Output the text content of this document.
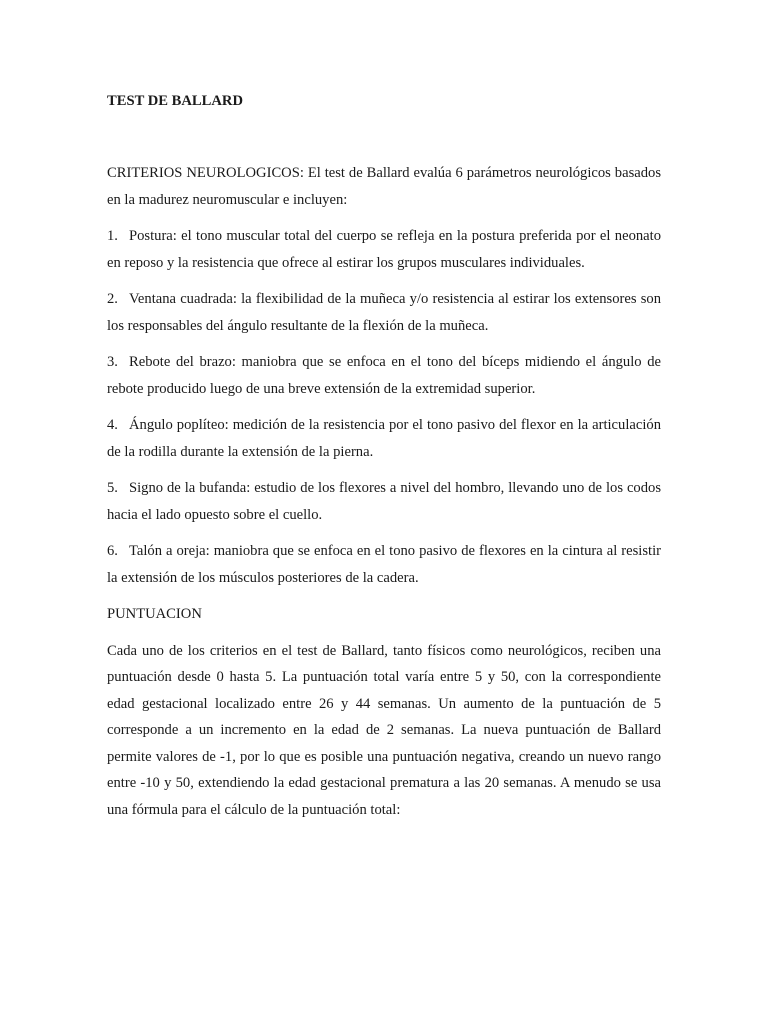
TEST DE BALLARD

CRITERIOS NEUROLOGICOS: El test de Ballard evalúa 6 parámetros neurológicos basados en la madurez neuromuscular e incluyen:

1. Postura: el tono muscular total del cuerpo se refleja en la postura preferida por el neonato en reposo y la resistencia que ofrece al estirar los grupos musculares individuales.

2. Ventana cuadrada: la flexibilidad de la muñeca y/o resistencia al estirar los extensores son los responsables del ángulo resultante de la flexión de la muñeca.

3. Rebote del brazo: maniobra que se enfoca en el tono del bíceps midiendo el ángulo de rebote producido luego de una breve extensión de la extremidad superior.

4. Ángulo poplíteo: medición de la resistencia por el tono pasivo del flexor en la articulación de la rodilla durante la extensión de la pierna.

5. Signo de la bufanda: estudio de los flexores a nivel del hombro, llevando uno de los codos hacia el lado opuesto sobre el cuello.

6. Talón a oreja: maniobra que se enfoca en el tono pasivo de flexores en la cintura al resistir la extensión de los músculos posteriores de la cadera.

PUNTUACION

Cada uno de los criterios en el test de Ballard, tanto físicos como neurológicos, reciben una puntuación desde 0 hasta 5. La puntuación total varía entre 5 y 50, con la correspondiente edad gestacional localizado entre 26 y 44 semanas. Un aumento de la puntuación de 5 corresponde a un incremento en la edad de 2 semanas. La nueva puntuación de Ballard permite valores de -1, por lo que es posible una puntuación negativa, creando un nuevo rango entre -10 y 50, extendiendo la edad gestacional prematura a las 20 semanas. A menudo se usa una fórmula para el cálculo de la puntuación total:
